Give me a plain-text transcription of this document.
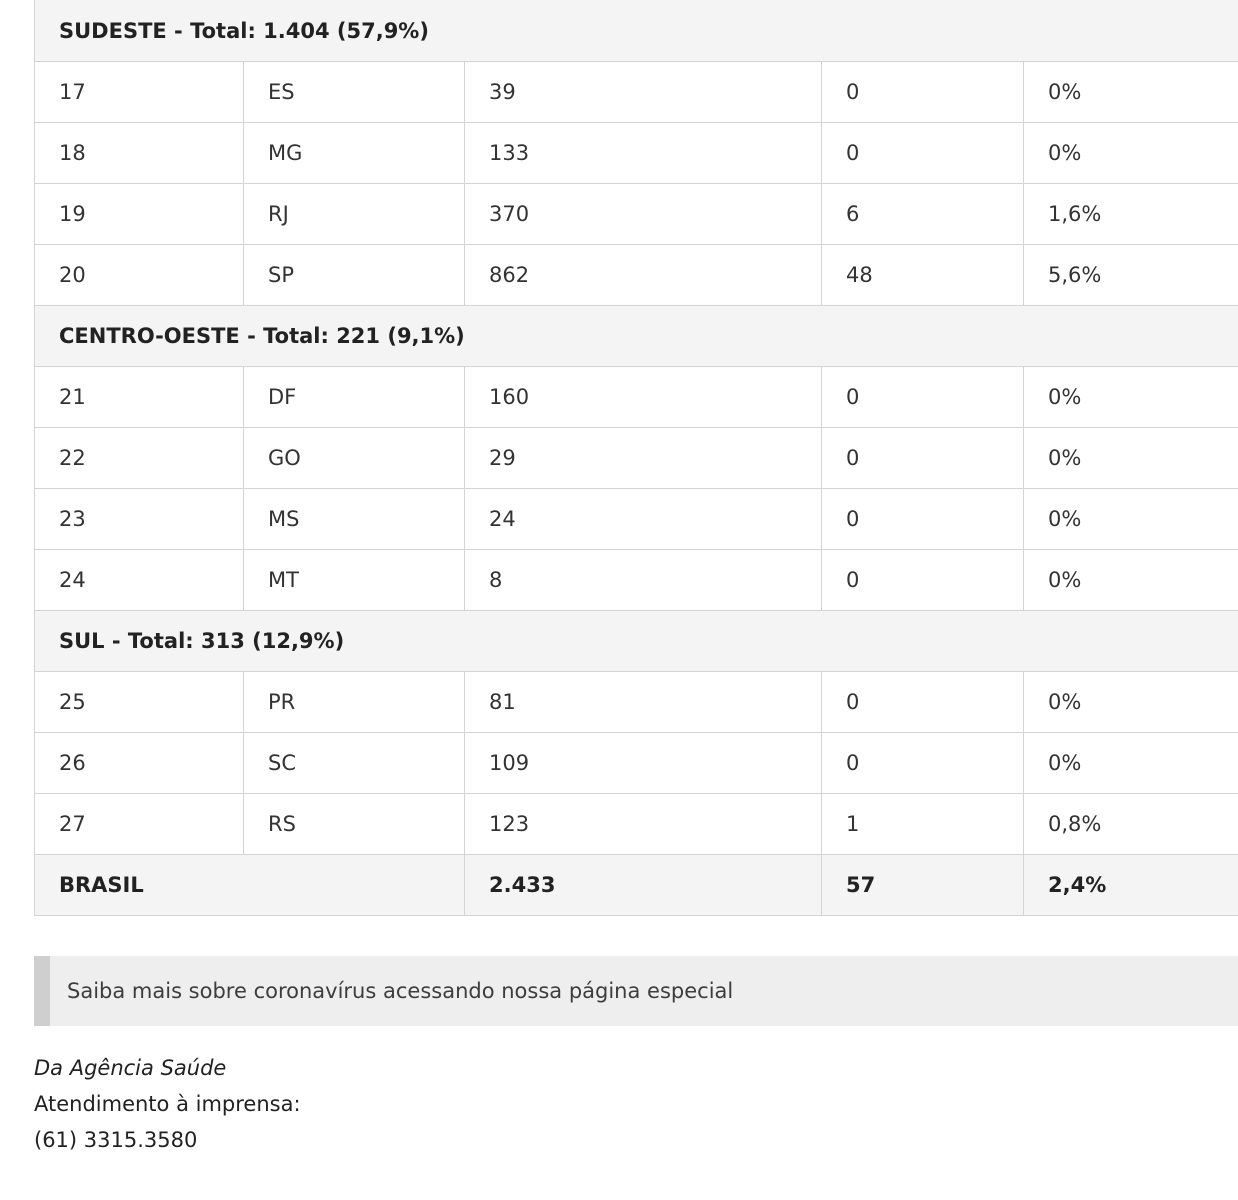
SUDESTE - Total: 1.404 (57,9%)				
17	ES	39	0	0%
18	MG	133	0	0%
19	RJ	370	6	1,6%
20	SP	862	48	5,6%
CENTRO-OESTE - Total: 221 (9,1%)				
21	DF	160	0	0%
22	GO	29	0	0%
23	MS	24	0	0%
24	MT	8	0	0%
SUL - Total: 313 (12,9%)				
25	PR	81	0	0%
26	SC	109	0	0%
27	RS	123	1	0,8%
BRASIL		2.433	57	2,4%
Saiba mais sobre coronavírus acessando nossa página especial
Da Agência Saúde
Atendimento à imprensa:
(61) 3315.3580
